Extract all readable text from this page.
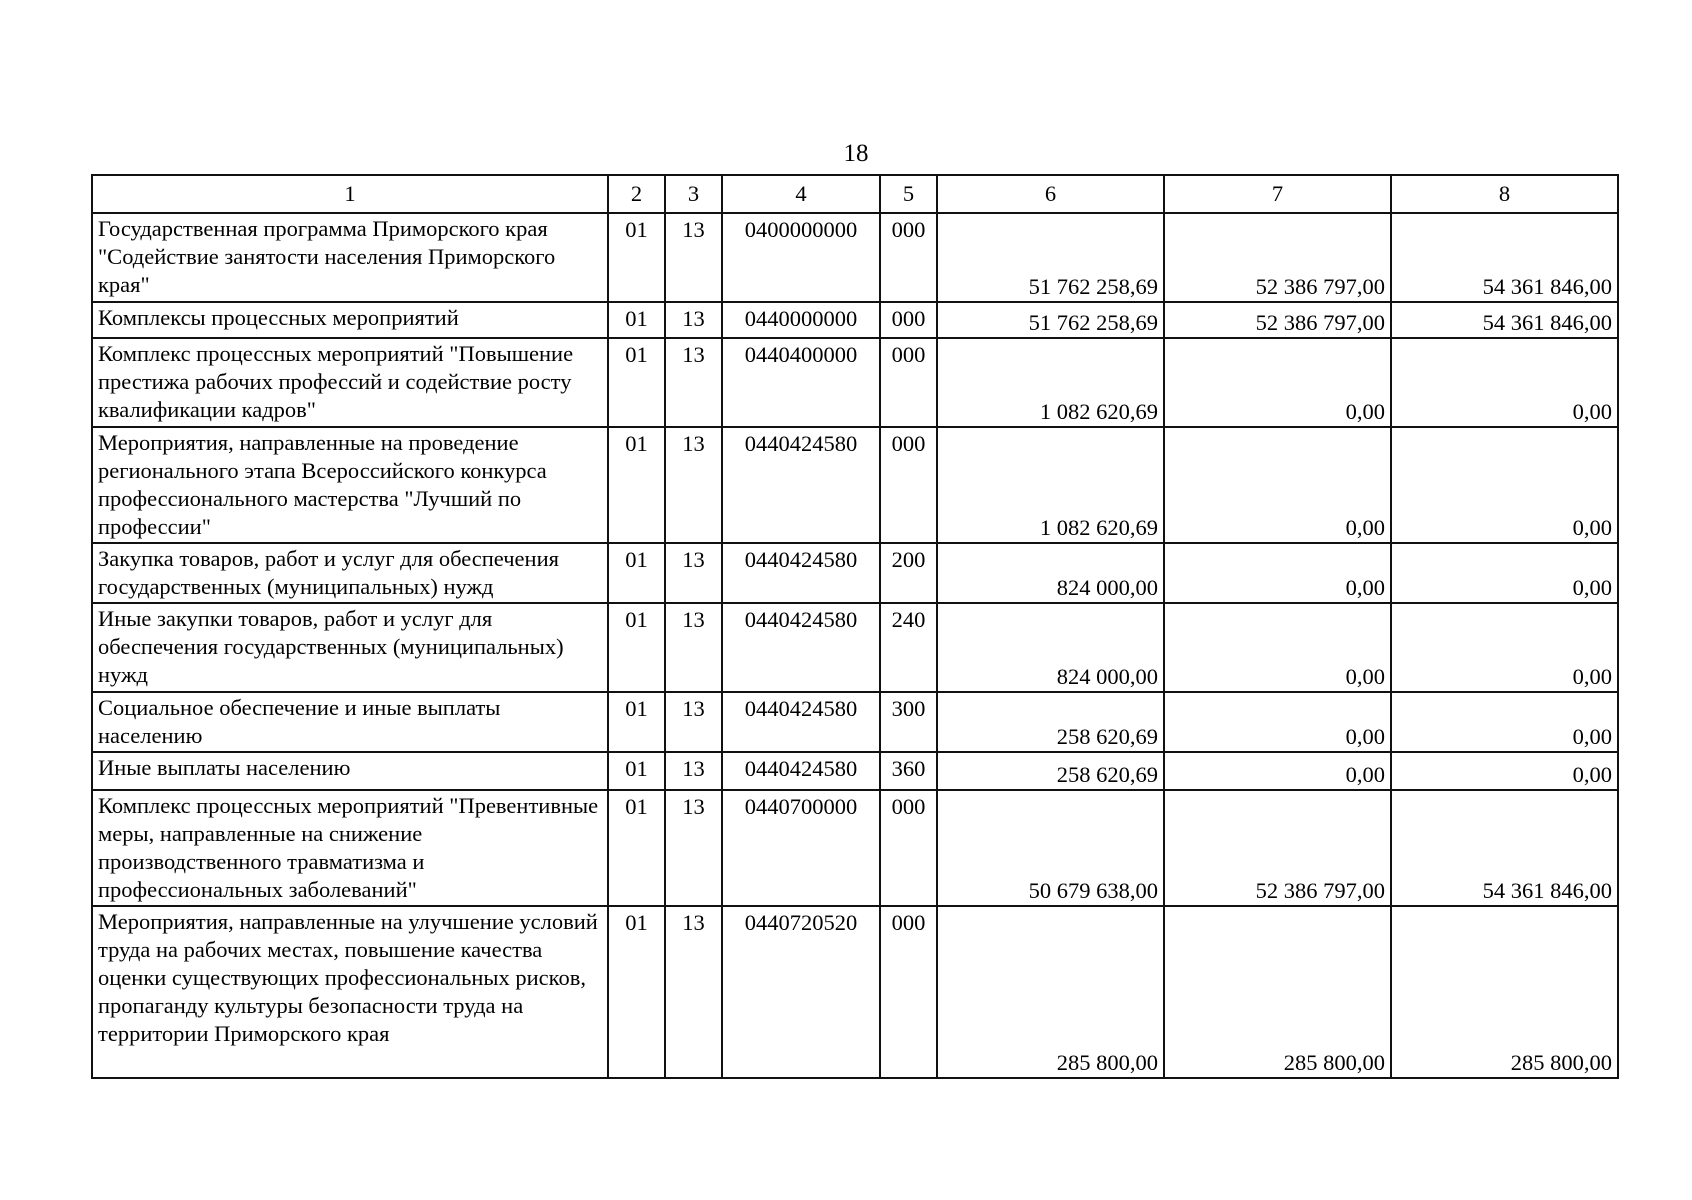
18
1	2	3	4	5	6	7	8
Государственная программа Приморского края "Содействие занятости населения Приморского края"	01	13	0400000000	000	51 762 258,69	52 386 797,00	54 361 846,00
Комплексы процессных мероприятий	01	13	0440000000	000	51 762 258,69	52 386 797,00	54 361 846,00
Комплекс процессных мероприятий "Повышение престижа рабочих профессий и содействие росту квалификации кадров"	01	13	0440400000	000	1 082 620,69	0,00	0,00
Мероприятия, направленные на проведение регионального этапа Всероссийского конкурса профессионального мастерства "Лучший по профессии"	01	13	0440424580	000	1 082 620,69	0,00	0,00
Закупка товаров, работ и услуг для обеспечения государственных (муниципальных) нужд	01	13	0440424580	200	824 000,00	0,00	0,00
Иные закупки товаров, работ и услуг для обеспечения государственных (муниципальных) нужд	01	13	0440424580	240	824 000,00	0,00	0,00
Социальное обеспечение и иные выплаты населению	01	13	0440424580	300	258 620,69	0,00	0,00
Иные выплаты населению	01	13	0440424580	360	258 620,69	0,00	0,00
Комплекс процессных мероприятий "Превентивные меры, направленные на снижение производственного травматизма и профессиональных заболеваний"	01	13	0440700000	000	50 679 638,00	52 386 797,00	54 361 846,00
Мероприятия, направленные на улучшение условий труда на рабочих местах, повышение качества оценки существующих профессиональных рисков, пропаганду культуры безопасности труда на территории Приморского края	01	13	0440720520	000	285 800,00	285 800,00	285 800,00
